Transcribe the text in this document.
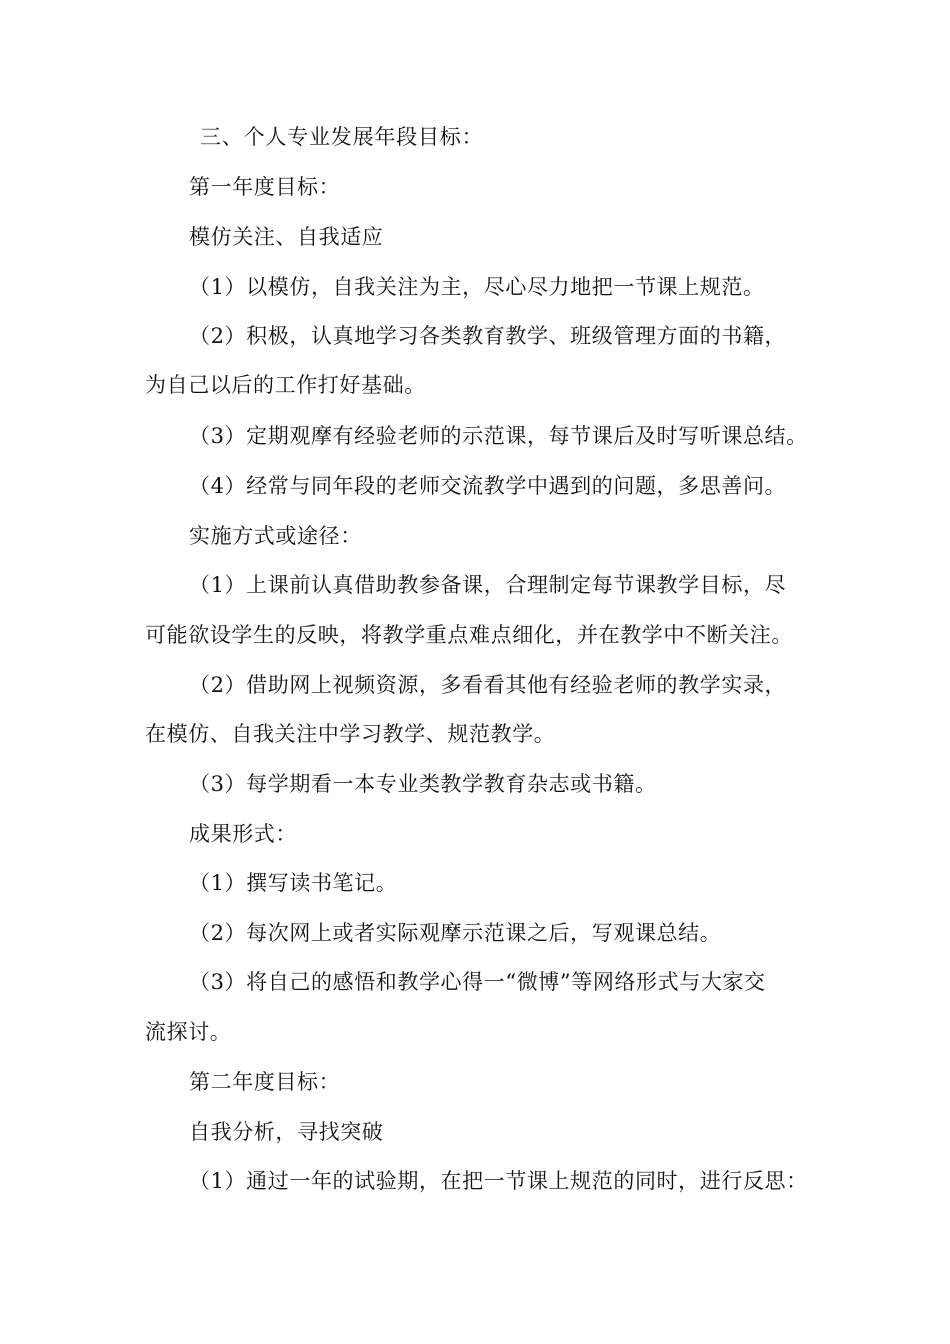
三、个人专业发展年段目标：
第一年度目标：
模仿关注、自我适应
（1）以模仿，自我关注为主，尽心尽力地把一节课上规范。
（2）积极，认真地学习各类教育教学、班级管理方面的书籍，
为自己以后的工作打好基础。
（3）定期观摩有经验老师的示范课，每节课后及时写听课总结。
（4）经常与同年段的老师交流教学中遇到的问题，多思善问。
实施方式或途径：
（1）上课前认真借助教参备课，合理制定每节课教学目标，尽
可能欲设学生的反映，将教学重点难点细化，并在教学中不断关注。
（2）借助网上视频资源，多看看其他有经验老师的教学实录，
在模仿、自我关注中学习教学、规范教学。
（3）每学期看一本专业类教学教育杂志或书籍。
成果形式：
（1）撰写读书笔记。
（2）每次网上或者实际观摩示范课之后，写观课总结。
（3）将自己的感悟和教学心得一“微博”等网络形式与大家交
流探讨。
第二年度目标：
自我分析，寻找突破
（1）通过一年的试验期，在把一节课上规范的同时，进行反思：
